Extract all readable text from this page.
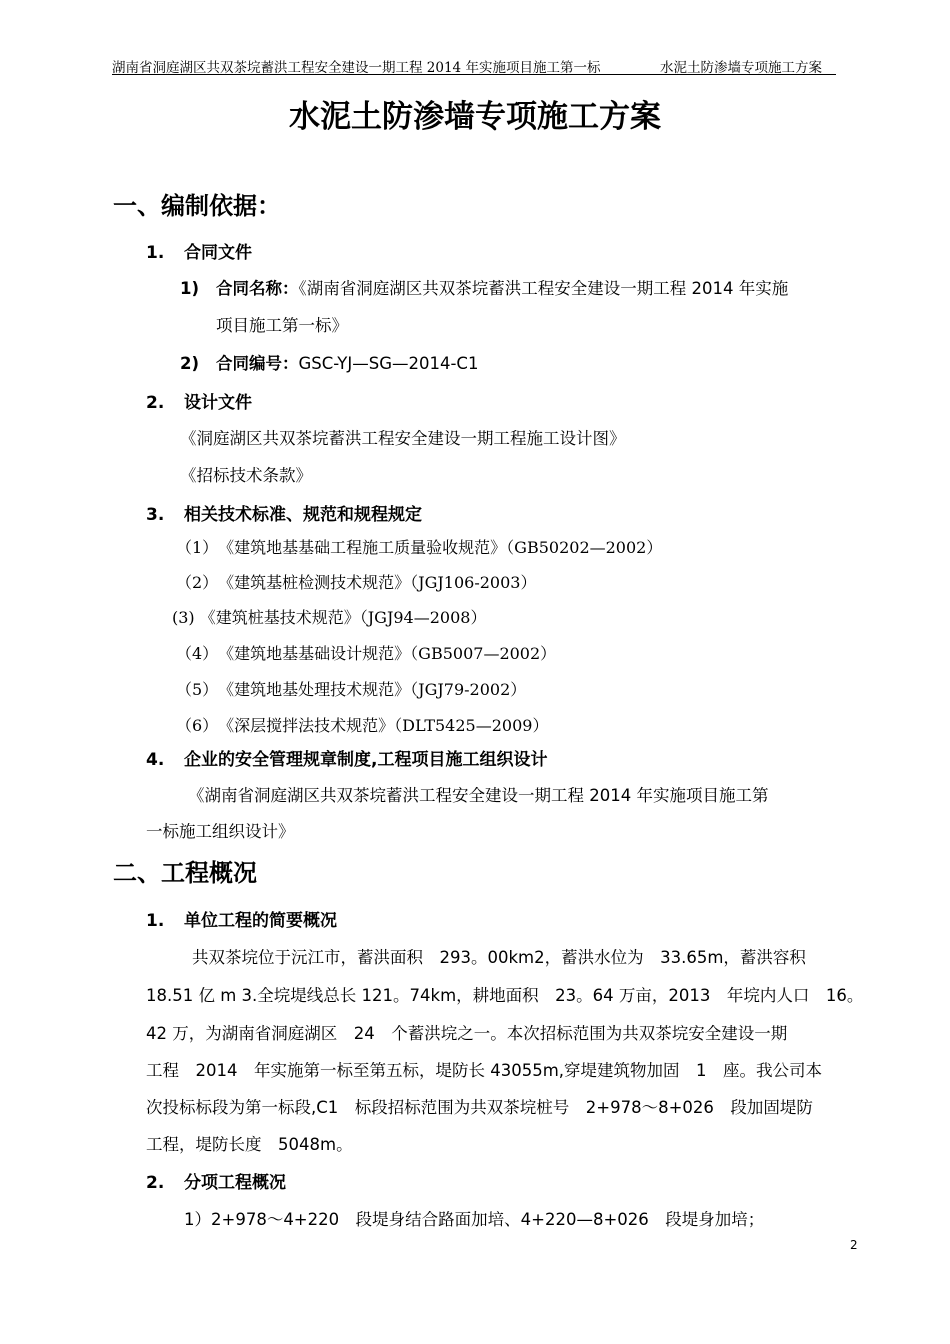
湖南省洞庭湖区共双茶垸蓄洪工程安全建设一期工程 2014 年实施项目施工第一标	水泥土防渗墙专项施工方案
水泥土防渗墙专项施工方案
一、编制依据：
1. 合同文件
1) 合同名称：《湖南省洞庭湖区共双茶垸蓄洪工程安全建设一期工程 2014 年实施
项目施工第一标》
2) 合同编号：GSC-YJ—SG—2014-C1
2. 设计文件
《洞庭湖区共双茶垸蓄洪工程安全建设一期工程施工设计图》
《招标技术条款》
3. 相关技术标准、规范和规程规定
（1）　《建筑地基基础工程施工质量验收规范》（GB50202—2002）
（2）　《建筑基桩检测技术规范》（JGJ106-2003）
(3) 《建筑桩基技术规范》（JGJ94—2008）
（4）　《建筑地基基础设计规范》（GB5007—2002）
（5）　《建筑地基处理技术规范》（JGJ79-2002）
（6）　《深层搅拌法技术规范》（DLT5425—2009）
4. 企业的安全管理规章制度,工程项目施工组织设计
《湖南省洞庭湖区共双茶垸蓄洪工程安全建设一期工程 2014 年实施项目施工第
一标施工组织设计》
二、工程概况
1. 单位工程的简要概况
共双茶垸位于沅江市，蓄洪面积　293。00km2，蓄洪水位为　33.65m，蓄洪容积
18.51 亿 m 3.全垸堤线总长 121。74km，耕地面积　23。64 万亩，2013　年垸内人口　16。
42 万，为湖南省洞庭湖区　24　个蓄洪垸之一。本次招标范围为共双茶垸安全建设一期
工程　2014　年实施第一标至第五标，堤防长 43055m,穿堤建筑物加固　1　座。我公司本
次投标标段为第一标段,C1　标段招标范围为共双茶垸桩号　2+978～8+026　段加固堤防
工程，堤防长度　5048m。
2. 分项工程概况
1）2+978～4+220　段堤身结合路面加培、4+220—8+026　段堤身加培；
2
